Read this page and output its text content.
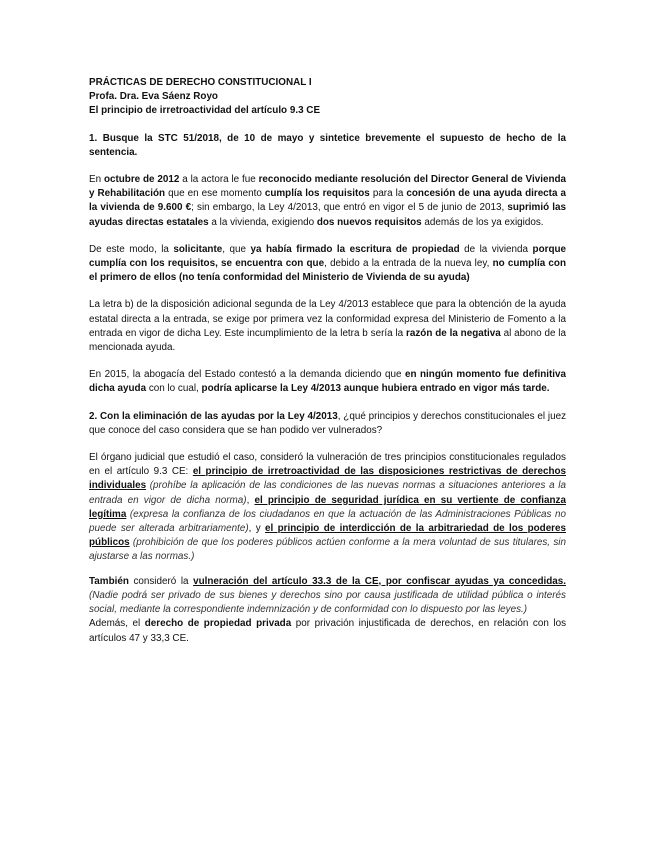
PRÁCTICAS DE DERECHO CONSTITUCIONAL I

Profa. Dra. Eva Sáenz Royo

El principio de irretroactividad del artículo 9.3 CE

1. Busque la STC 51/2018, de 10 de mayo y sintetice brevemente el supuesto de hecho de la sentencia.

En octubre de 2012 a la actora le fue reconocido mediante resolución del Director General de Vivienda y Rehabilitación que en ese momento cumplía los requisitos para la concesión de una ayuda directa a la vivienda de 9.600 €; sin embargo, la Ley 4/2013, que entró en vigor el 5 de junio de 2013, suprimió las ayudas directas estatales a la vivienda, exigiendo dos nuevos requisitos además de los ya exigidos.

De este modo, la solicitante, que ya había firmado la escritura de propiedad de la vivienda porque cumplía con los requisitos, se encuentra con que, debido a la entrada de la nueva ley, no cumplía con el primero de ellos (no tenía conformidad del Ministerio de Vivienda de su ayuda)

La letra b) de la disposición adicional segunda de la Ley 4/2013 establece que para la obtención de la ayuda estatal directa a la entrada, se exige por primera vez la conformidad expresa del Ministerio de Fomento a la entrada en vigor de dicha Ley. Este incumplimiento de la letra b sería la razón de la negativa al abono de la mencionada ayuda.

En 2015, la abogacía del Estado contestó a la demanda diciendo que en ningún momento fue definitiva dicha ayuda con lo cual, podría aplicarse la Ley 4/2013 aunque hubiera entrado en vigor más tarde.

2. Con la eliminación de las ayudas por la Ley 4/2013, ¿qué principios y derechos constitucionales el juez que conoce del caso considera que se han podido ver vulnerados?

El órgano judicial que estudió el caso, consideró la vulneración de tres principios constitucionales regulados en el artículo 9.3 CE: el principio de irretroactividad de las disposiciones restrictivas de derechos individuales (prohíbe la aplicación de las condiciones de las nuevas normas a situaciones anteriores a la entrada en vigor de dicha norma), el principio de seguridad jurídica en su vertiente de confianza legítima (expresa la confianza de los ciudadanos en que la actuación de las Administraciones Públicas no puede ser alterada arbitrariamente), y el principio de interdicción de la arbitrariedad de los poderes públicos (prohibición de que los poderes públicos actúen conforme a la mera voluntad de sus titulares, sin ajustarse a las normas.)

También consideró la vulneración del artículo 33.3 de la CE, por confiscar ayudas ya concedidas. (Nadie podrá ser privado de sus bienes y derechos sino por causa justificada de utilidad pública o interés social, mediante la correspondiente indemnización y de conformidad con lo dispuesto por las leyes.)

Además, el derecho de propiedad privada por privación injustificada de derechos, en relación con los artículos 47 y 33,3 CE.
